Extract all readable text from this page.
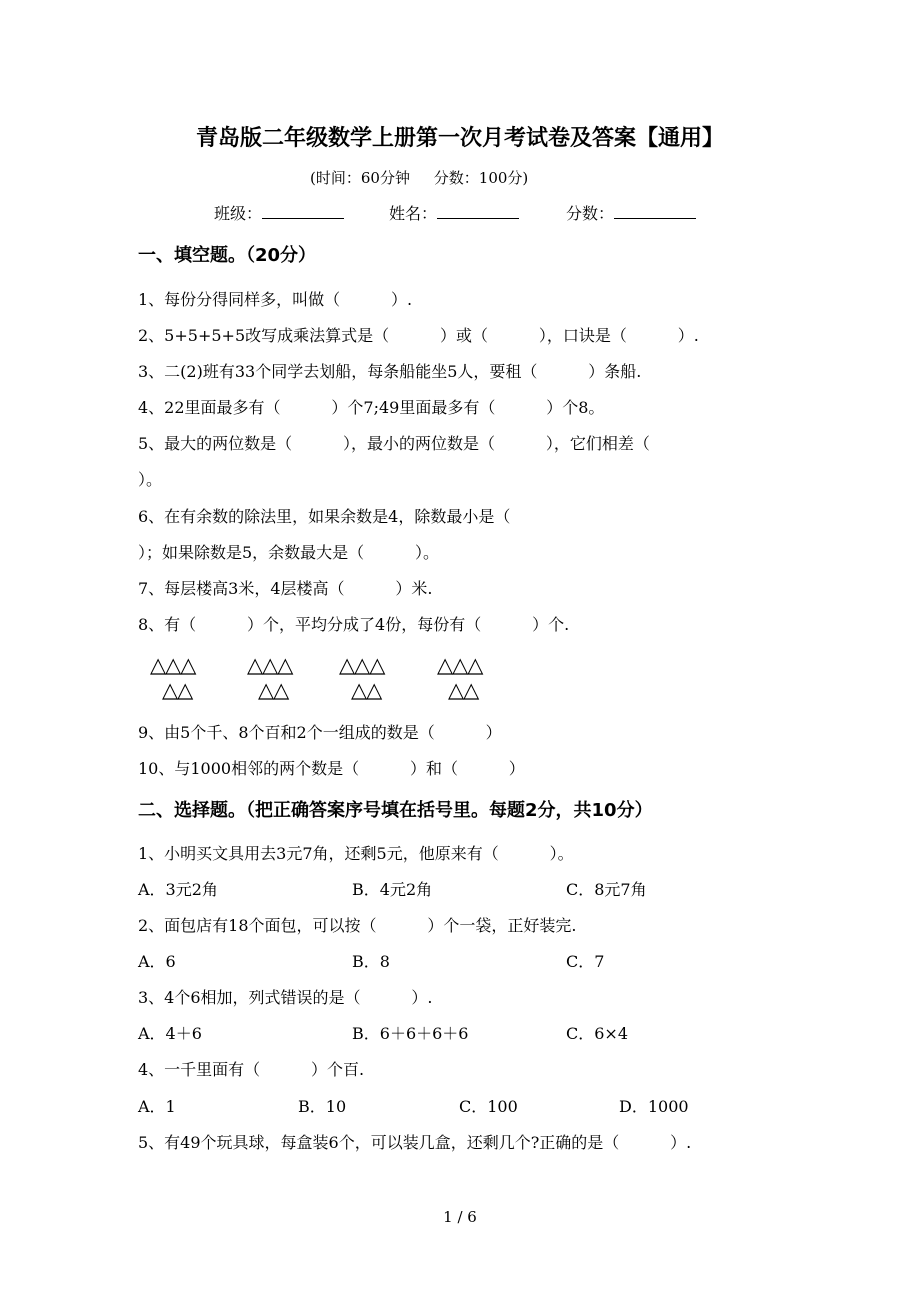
青岛版二年级数学上册第一次月考试卷及答案【通用】
(时间：60分钟     分数：100分)
班级：	姓名：	分数：
一、填空题。（20分）
1、每份分得同样多，叫做（          ）.
2、5+5+5+5改写成乘法算式是（          ）或（          ），口诀是（          ）.
3、二(2)班有33个同学去划船，每条船能坐5人，要租（          ）条船.
4、22里面最多有（          ）个7;49里面最多有（          ）个8。
5、最大的两位数是（          ），最小的两位数是（          ），它们相差（
）。
6、在有余数的除法里，如果余数是4，除数最小是（
）；如果除数是5，余数最大是（          ）。
7、每层楼高3米，4层楼高（          ）米.
8、有（          ）个，平均分成了4份，每份有（          ）个.
△△△
△△
△△△
△△
△△△
△△
△△△
△△
9、由5个千、8个百和2个一组成的数是（          ）
10、与1000相邻的两个数是（          ）和（          ）
二、选择题。（把正确答案序号填在括号里。每题2分，共10分）
1、小明买文具用去3元7角，还剩5元，他原来有（          ）。
A．3元2角	B．4元2角	C．8元7角
2、面包店有18个面包，可以按（          ）个一袋，正好装完.
A．6	B．8	C．7
3、4个6相加，列式错误的是（          ）.
A．4＋6	B．6＋6＋6＋6	C．6×4
4、一千里面有（          ）个百.
A．1	B．10	C．100	D．1000
5、有49个玩具球，每盒装6个，可以装几盒，还剩几个?正确的是（          ）.
1 / 6
